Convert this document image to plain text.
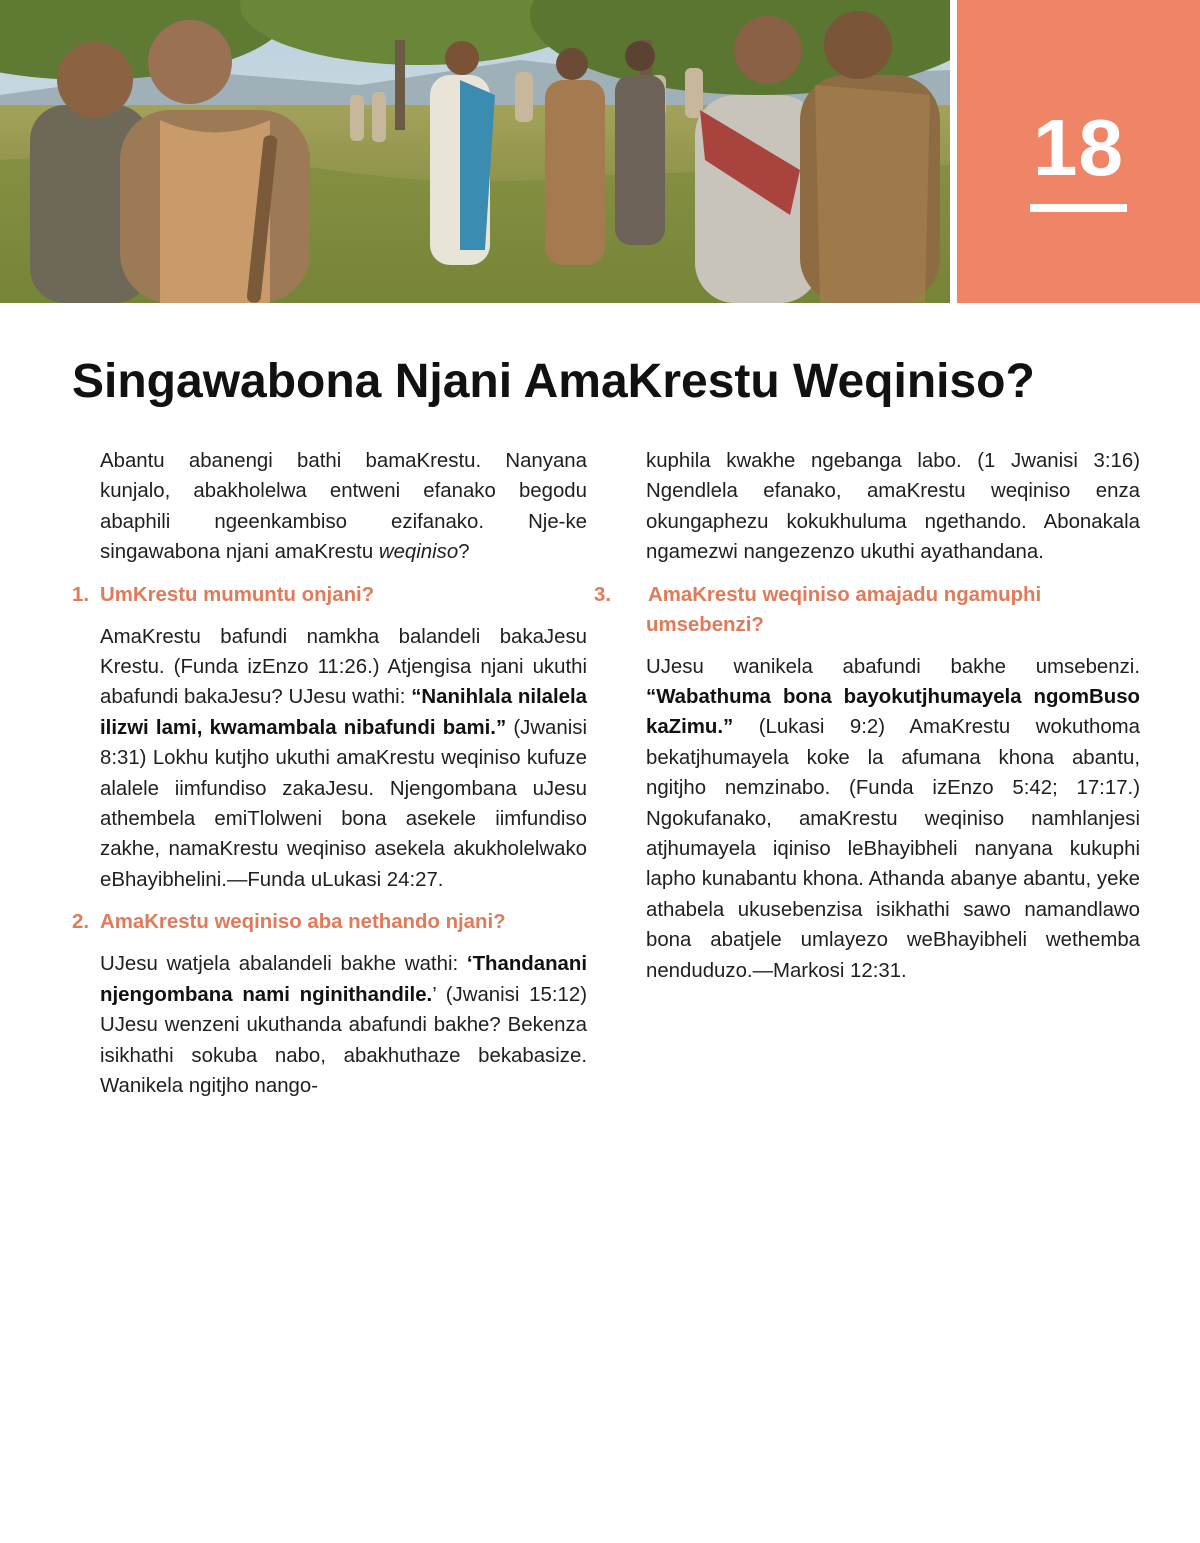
18
Singawabona Njani AmaKrestu Weqiniso?

Abantu abanengi bathi bamaKrestu. Nanyana kunjalo, abakholelwa entweni efanako begodu abaphili ngeenkambiso ezifanako. Nje-ke singawabona njani amaKrestu weqiniso?

1. UmKrestu mumuntu onjani?

AmaKrestu bafundi namkha balandeli bakaJesu Krestu. (Funda izEnzo 11:26.) Atjengisa njani ukuthi abafundi bakaJesu? UJesu wathi: “Nanihlala nilalela ilizwi lami, kwamambala nibafundi bami.” (Jwanisi 8:31) Lokhu kutjho ukuthi amaKrestu weqiniso kufuze alalele iimfundiso zakaJesu. Njengombana uJesu athembela emiTlolweni bona asekele iimfundiso zakhe, namaKrestu weqiniso asekela akukholelwako eBhayibhelini.—Funda uLukasi 24:27.

2. AmaKrestu weqiniso aba nethando njani?

UJesu watjela abalandeli bakhe wathi: ‘Thandanani njengombana nami nginithandile.’ (Jwanisi 15:12) UJesu wenzeni ukuthanda abafundi bakhe? Bekenza isikhathi sokuba nabo, abakhuthaze bekabasize. Wanikela ngitjho nango-

kuphila kwakhe ngebanga labo. (1 Jwanisi 3:16) Ngendlela efanako, amaKrestu weqiniso enza okungaphezu kokukhuluma ngethando. Abonakala ngamezwi nangezenzo ukuthi ayathandana.

3. AmaKrestu weqiniso amajadu ngamuphi umsebenzi?

UJesu wanikela abafundi bakhe umsebenzi. “Wabathuma bona bayokutjhumayela ngomBuso kaZimu.” (Lukasi 9:2) AmaKrestu wokuthoma bekatjhumayela koke la afumana khona abantu, ngitjho nemzinabo. (Funda izEnzo 5:42; 17:17.) Ngokufanako, amaKrestu weqiniso namhlanjesi atjhumayela iqiniso leBhayibheli nanyana kukuphi lapho kunabantu khona. Athanda abanye abantu, yeke athabela ukusebenzisa isikhathi sawo namandlawo bona abatjele umlayezo weBhayibheli wethemba nenduduzo.—Markosi 12:31.
